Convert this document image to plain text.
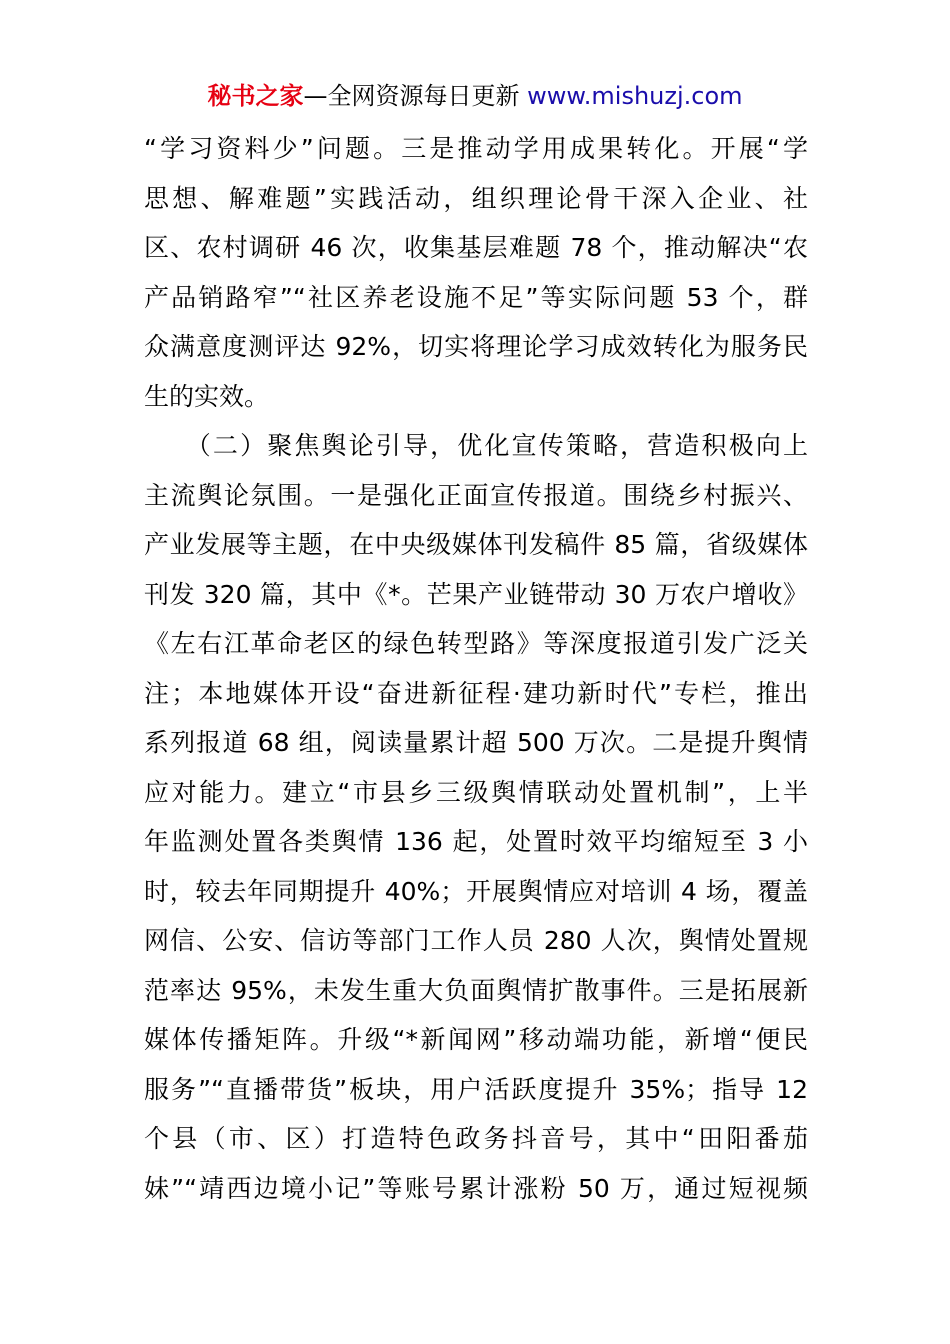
秘书之家—全网资源每日更新 www.mishuzj.com
“学习资料少”问题。三是推动学用成果转化。开展“学
思想、解难题”实践活动，组织理论骨干深入企业、社
区、农村调研 46 次，收集基层难题 78 个，推动解决“农
产品销路窄”“社区养老设施不足”等实际问题 53 个，群
众满意度测评达 92%，切实将理论学习成效转化为服务民
生的实效。
　　（二）聚焦舆论引导，优化宣传策略，营造积极向上
主流舆论氛围。一是强化正面宣传报道。围绕乡村振兴、
产业发展等主题，在中央级媒体刊发稿件 85 篇，省级媒体
刊发 320 篇，其中《*。芒果产业链带动 30 万农户增收》
《左右江革命老区的绿色转型路》等深度报道引发广泛关
注；本地媒体开设“奋进新征程·建功新时代”专栏，推出
系列报道 68 组，阅读量累计超 500 万次。二是提升舆情
应对能力。建立“市县乡三级舆情联动处置机制”，上半
年监测处置各类舆情 136 起，处置时效平均缩短至 3 小
时，较去年同期提升 40%；开展舆情应对培训 4 场，覆盖
网信、公安、信访等部门工作人员 280 人次，舆情处置规
范率达 95%，未发生重大负面舆情扩散事件。三是拓展新
媒体传播矩阵。升级“*新闻网”移动端功能，新增“便民
服务”“直播带货”板块，用户活跃度提升 35%；指导 12
个县（市、区）打造特色政务抖音号，其中“田阳番茄
妹”“靖西边境小记”等账号累计涨粉 50 万，通过短视频
